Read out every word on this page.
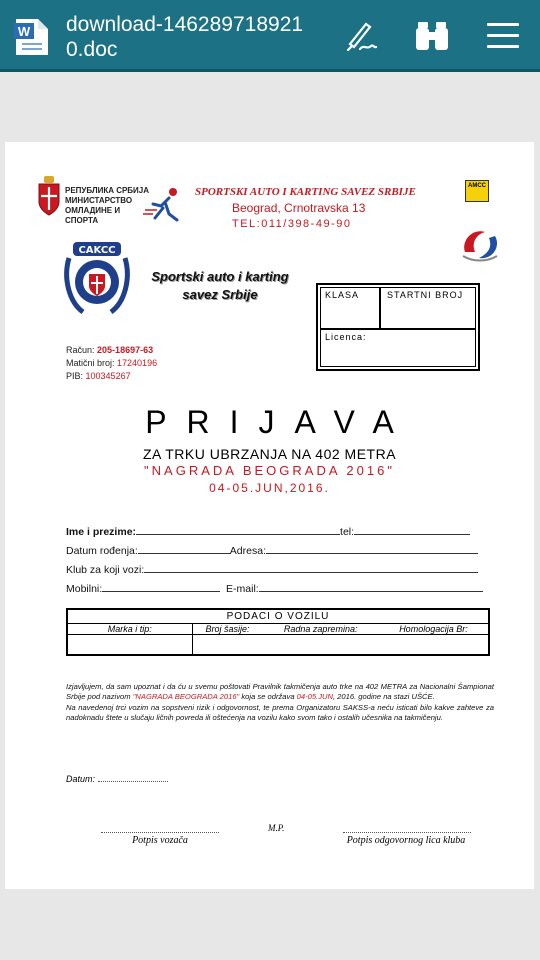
W download-1462897189210.doc
РЕПУБЛИКА СРБИЈА
МИНИСТАРСТВО
ОМЛАДИНЕ И
СПОРТА
SPORTSKI AUTO I KARTING SAVEZ SRBIJE
Beograd, Crnotravska 13
TEL:011/398-49-90
AMCC
CAKCC
Sportski auto i karting savez Srbije	KLASA	STARTNI BROJ
Licenca:
Račun: 205-18697-63
Matični broj: 17240196
PIB: 100345267
PRIJAVA
ZA TRKU UBRZANJA NA 402 METRA
"NAGRADA BEOGRADA 2016"
04-05.JUN,2016.
Ime i prezime:	tel:
Datum rođenja:	Adresa:
Klub za koji vozi:
Mobilni:	E-mail:
PODACI O VOZILU			
Marka i tip:	Broj šasije:	Radna zapremina:	Homologacija Br:

Izjavljujem, da sam upoznat i da ću u svemu poštovati Pravilnik takmičenja auto trke na 402 METRA za Nacionalni Šampionat Srbije pod nazivom "NAGRADA BEOGRADA 2016" koja se održava 04-05.JUN, 2016. godine na stazi UŠĆE.
Na navedenoj trci vozim na sopstveni rizik i odgovornost, te prema Organizatoru SAKSS-a neću isticati bilo kakve zahteve za nadoknadu štete u slučaju ličnih povreda ili oštećenja na vozilu kako svom tako i ostalih učesnika na takmičenju.
Datum:
Potpis vozača
M.P.
Potpis odgovornog lica kluba
